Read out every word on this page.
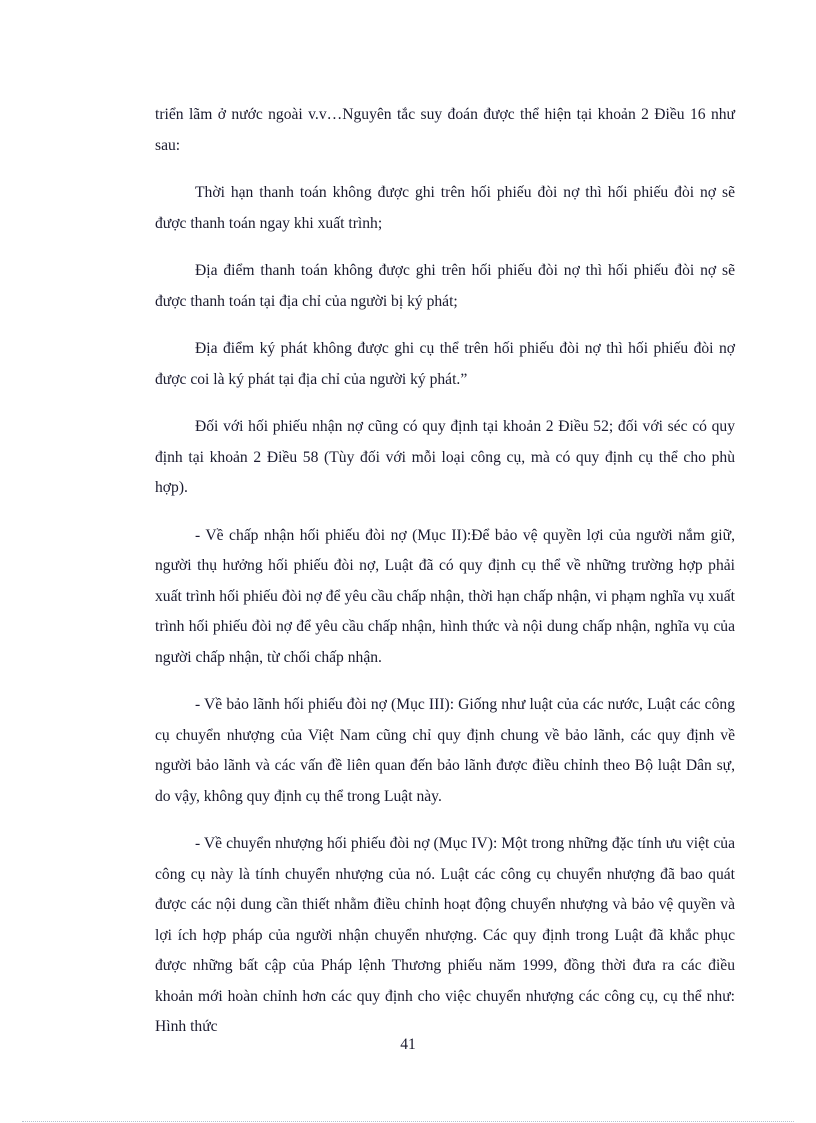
triển lãm ở nước ngoài v.v…Nguyên tắc suy đoán được thể hiện tại khoản 2 Điều 16 như sau:

Thời hạn thanh toán không được ghi trên hối phiếu đòi nợ thì hối phiếu đòi nợ sẽ được thanh toán ngay khi xuất trình;

Địa điểm thanh toán không được ghi trên hối phiếu đòi nợ thì hối phiếu đòi nợ sẽ được thanh toán tại địa chỉ của người bị ký phát;

Địa điểm ký phát không được ghi cụ thể trên hối phiếu đòi nợ thì hối phiếu đòi nợ được coi là ký phát tại địa chỉ của người ký phát.”

Đối với hối phiếu nhận nợ cũng có quy định tại khoản 2 Điều 52; đối với séc có quy định tại khoản 2 Điều 58 (Tùy đối với mỗi loại công cụ, mà có quy định cụ thể cho phù hợp).

- Về chấp nhận hối phiếu đòi nợ (Mục II):Để bảo vệ quyền lợi của người nắm giữ, người thụ hưởng hối phiếu đòi nợ, Luật đã có quy định cụ thể về những trường hợp phải xuất trình hối phiếu đòi nợ để yêu cầu chấp nhận, thời hạn chấp nhận, vi phạm nghĩa vụ xuất trình hối phiếu đòi nợ để yêu cầu chấp nhận, hình thức và nội dung chấp nhận, nghĩa vụ của người chấp nhận, từ chối chấp nhận.

- Về bảo lãnh hối phiếu đòi nợ (Mục III): Giống như luật của các nước, Luật các công cụ chuyển nhượng của Việt Nam cũng chỉ quy định chung về bảo lãnh, các quy định về người bảo lãnh và các vấn đề liên quan đến bảo lãnh được điều chỉnh theo Bộ luật Dân sự, do vậy, không quy định cụ thể trong Luật này.

- Về chuyển nhượng hối phiếu đòi nợ (Mục IV): Một trong những đặc tính ưu việt của công cụ này là tính chuyển nhượng của nó. Luật các công cụ chuyển nhượng đã bao quát được các nội dung cần thiết nhằm điều chỉnh hoạt động chuyển nhượng và bảo vệ quyền và lợi ích hợp pháp của người nhận chuyển nhượng. Các quy định trong Luật đã khắc phục được những bất cập của Pháp lệnh Thương phiếu năm 1999, đồng thời đưa ra các điều khoản mới hoàn chỉnh hơn các quy định cho việc chuyển nhượng các công cụ, cụ thể như: Hình thức

41
